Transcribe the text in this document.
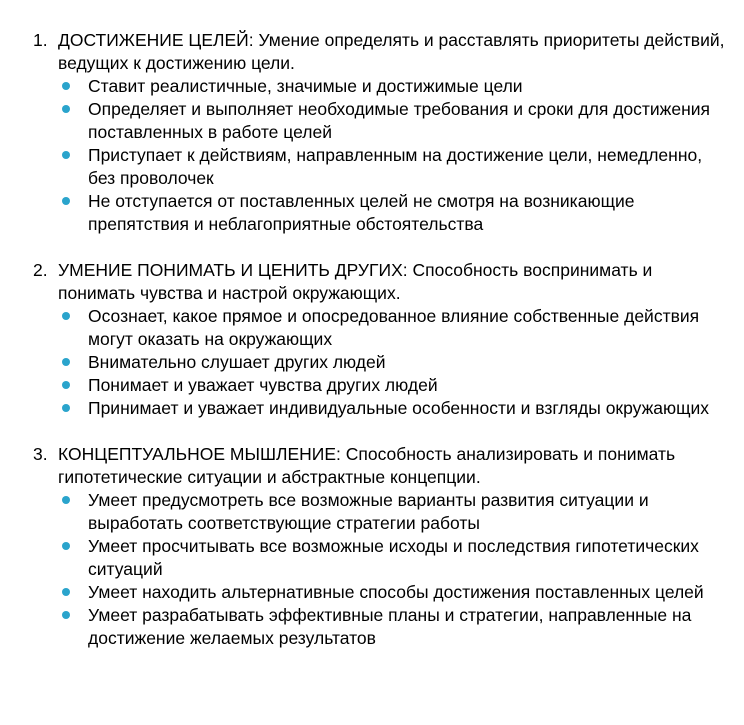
1. ДОСТИЖЕНИЕ ЦЕЛЕЙ: Умение определять и расставлять приоритеты действий, ведущих к достижению цели.
Ставит реалистичные, значимые и достижимые цели
Определяет и выполняет необходимые требования и сроки для достижения поставленных в работе целей
Приступает к действиям, направленным на достижение цели, немедленно, без проволочек
Не отступается от поставленных целей не смотря на возникающие препятствия и неблагоприятные обстоятельства
2. УМЕНИЕ ПОНИМАТЬ И ЦЕНИТЬ ДРУГИХ: Способность воспринимать и понимать чувства и настрой окружающих.
Осознает, какое прямое и опосредованное влияние собственные действия могут оказать на окружающих
Внимательно слушает других людей
Понимает и уважает чувства других людей
Принимает и уважает индивидуальные особенности и взгляды окружающих
3. КОНЦЕПТУАЛЬНОЕ МЫШЛЕНИЕ: Способность анализировать и понимать гипотетические ситуации и абстрактные концепции.
Умеет предусмотреть все возможные варианты развития ситуации и выработать соответствующие стратегии работы
Умеет просчитывать все возможные исходы и последствия гипотетических ситуаций
Умеет находить альтернативные способы достижения поставленных целей
Умеет разрабатывать эффективные планы и стратегии, направленные на достижение желаемых результатов
